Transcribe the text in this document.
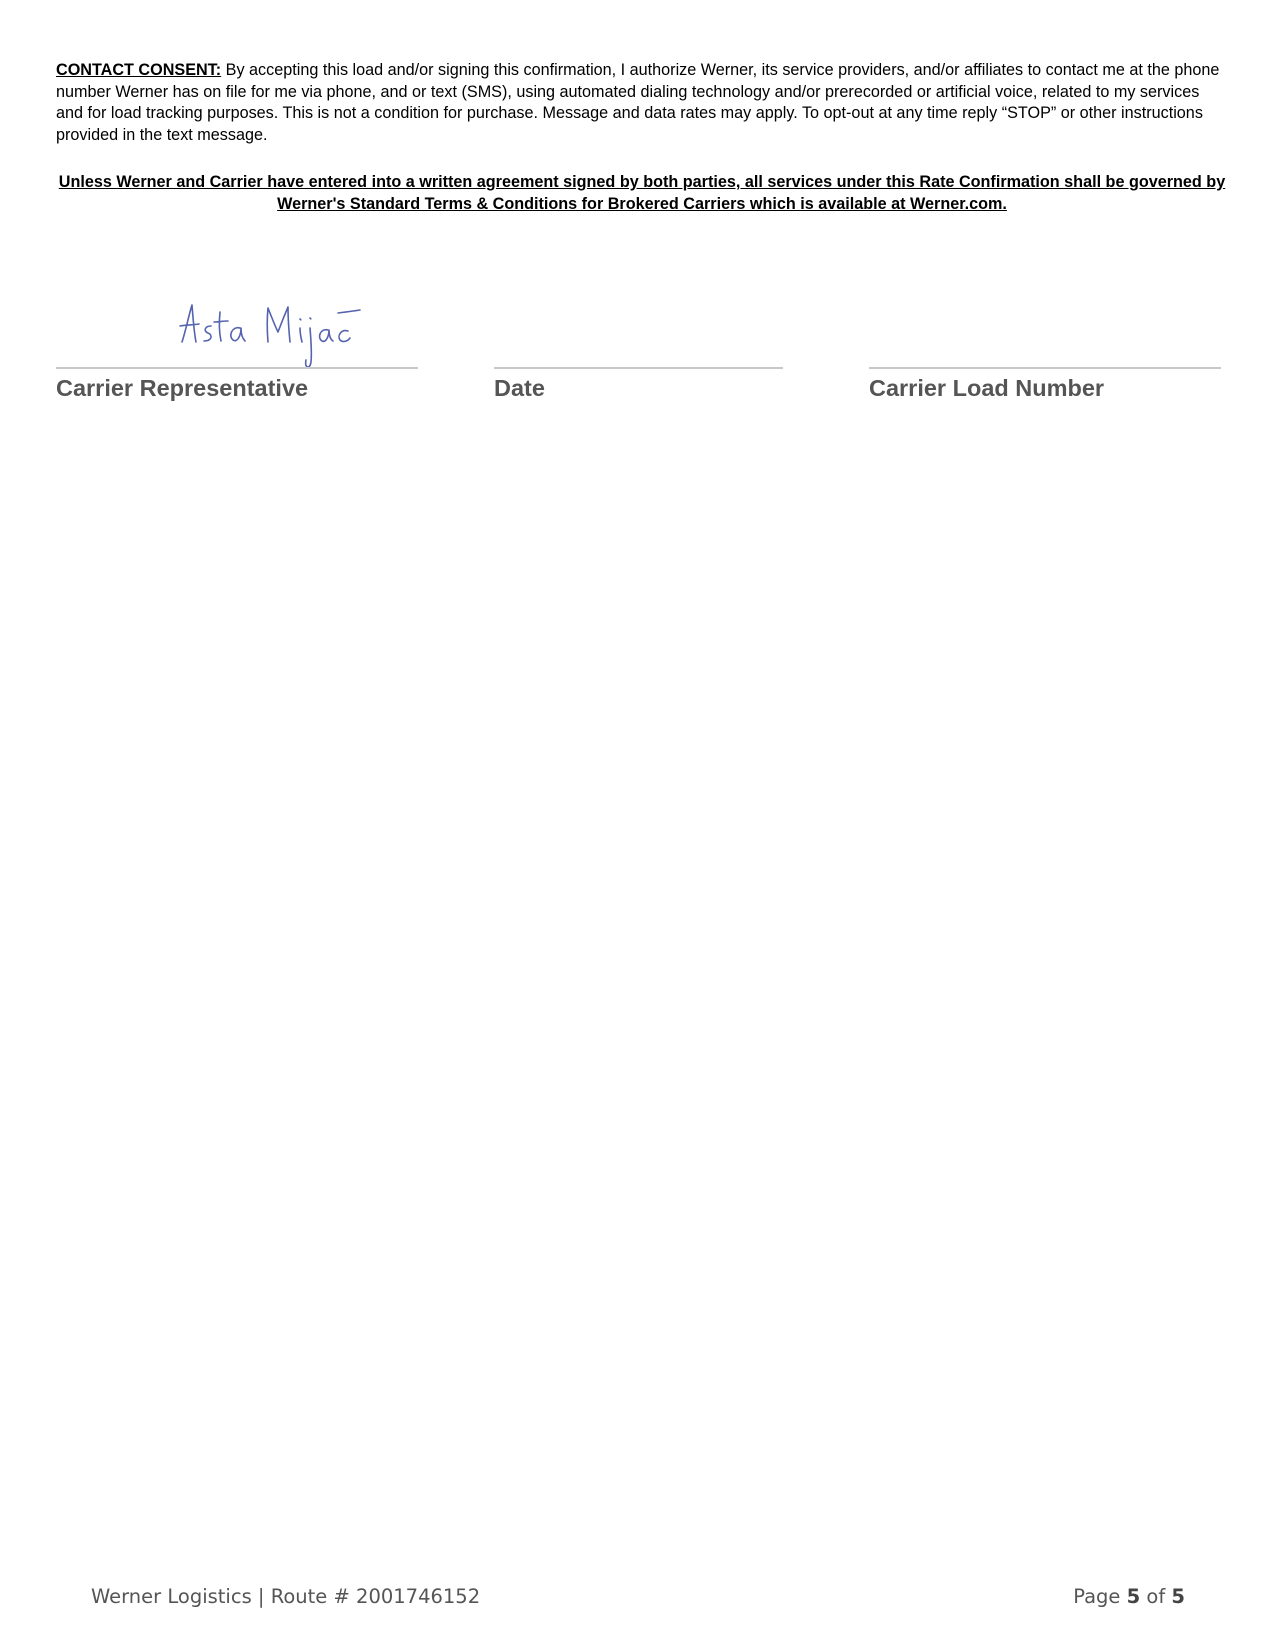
CONTACT CONSENT: By accepting this load and/or signing this confirmation, I authorize Werner, its service providers, and/or affiliates to contact me at the phone number Werner has on file for me via phone, and or text (SMS), using automated dialing technology and/or prerecorded or artificial voice, related to my services and for load tracking purposes. This is not a condition for purchase. Message and data rates may apply. To opt-out at any time reply “STOP” or other instructions provided in the text message.
Unless Werner and Carrier have entered into a written agreement signed by both parties, all services under this Rate Confirmation shall be governed by Werner's Standard Terms & Conditions for Brokered Carriers which is available at Werner.com.
Carrier Representative	Date	Carrier Load Number
Werner Logistics | Route # 2001746152	Page 5 of 5
